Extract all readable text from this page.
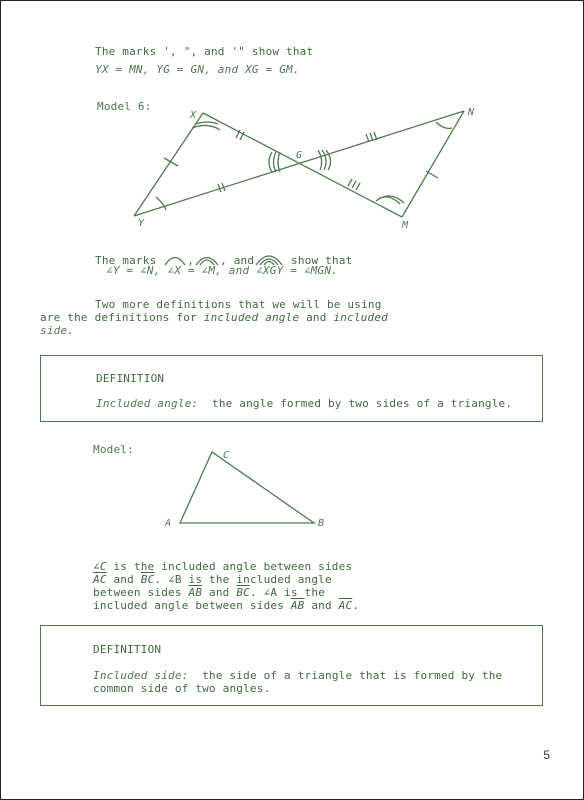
The marks ', ", and '" show that
YX = MN, YG = GN, and XG = GM.
Model 6:
X	N
G
Y	M
The marks	, , and	show that
∠Y = ∠N, ∠X = ∠M, and ∠XGY = ∠MGN.
Two more definitions that we will be using
are the definitions for included angle and included
side.
DEFINITION
Included angle: the angle formed by two sides of a triangle.
Model:	C
A	B
∠C is the included angle between sides
$\overline{AC}$ and $\overline{BC}$. ∠B is the included angle
between sides $\overline{AB}$ and $\overline{BC}$. ∠A is the
included angle between sides $\overline{AB}$ and $\overline{AC}$.
DEFINITION
Included side: the side of a triangle that is formed by the
common side of two angles.
5
